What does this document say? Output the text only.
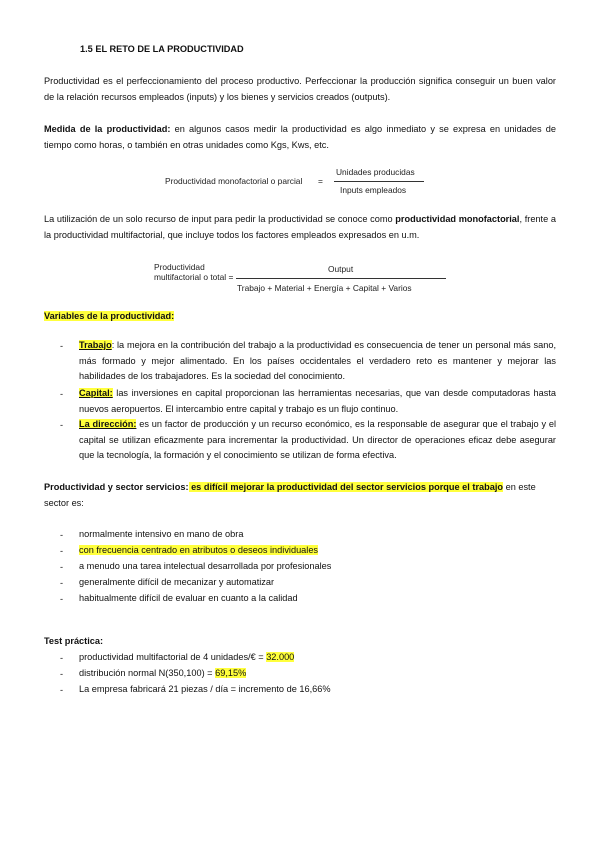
1.5 EL RETO DE LA PRODUCTIVIDAD
Productividad es el perfeccionamiento del proceso productivo. Perfeccionar la producción significa conseguir un buen valor de la relación recursos empleados (inputs) y los bienes y servicios creados (outputs).
Medida de la productividad: en algunos casos medir la productividad es algo inmediato y se expresa en unidades de tiempo como horas, o también en otras unidades como Kgs, Kws, etc.
Productividad monofactorial o parcial =
Unidades producidas
Inputs empleados
La utilización de un solo recurso de input para pedir la productividad se conoce como productividad monofactorial, frente a la productividad multifactorial, que incluye todos los factores empleados expresados en u.m.
Productividad
multifactorial o total =
Output
Trabajo + Material + Energía + Capital + Varios
Variables de la productividad:
- Trabajo: la mejora en la contribución del trabajo a la productividad es consecuencia de tener un personal más sano, más formado y mejor alimentado. En los países occidentales el verdadero reto es mantener y mejorar las habilidades de los trabajadores. Es la sociedad del conocimiento.
- Capital: las inversiones en capital proporcionan las herramientas necesarias, que van desde computadoras hasta nuevos aeropuertos. El intercambio entre capital y trabajo es un flujo continuo.
- La dirección: es un factor de producción y un recurso económico, es la responsable de asegurar que el trabajo y el capital se utilizan eficazmente para incrementar la productividad. Un director de operaciones eficaz debe asegurar que la tecnología, la formación y el conocimiento se utilizan de forma efectiva.
Productividad y sector servicios: es difícil mejorar la productividad del sector servicios porque el trabajo en este sector es:
- normalmente intensivo en mano de obra
- con frecuencia centrado en atributos o deseos individuales
- a menudo una tarea intelectual desarrollada por profesionales
- generalmente difícil de mecanizar y automatizar
- habitualmente difícil de evaluar en cuanto a la calidad
Test práctica:
- productividad multifactorial de 4 unidades/€ = 32.000
- distribución normal N(350,100) = 69,15%
- La empresa fabricará 21 piezas / día = incremento de 16,66%
